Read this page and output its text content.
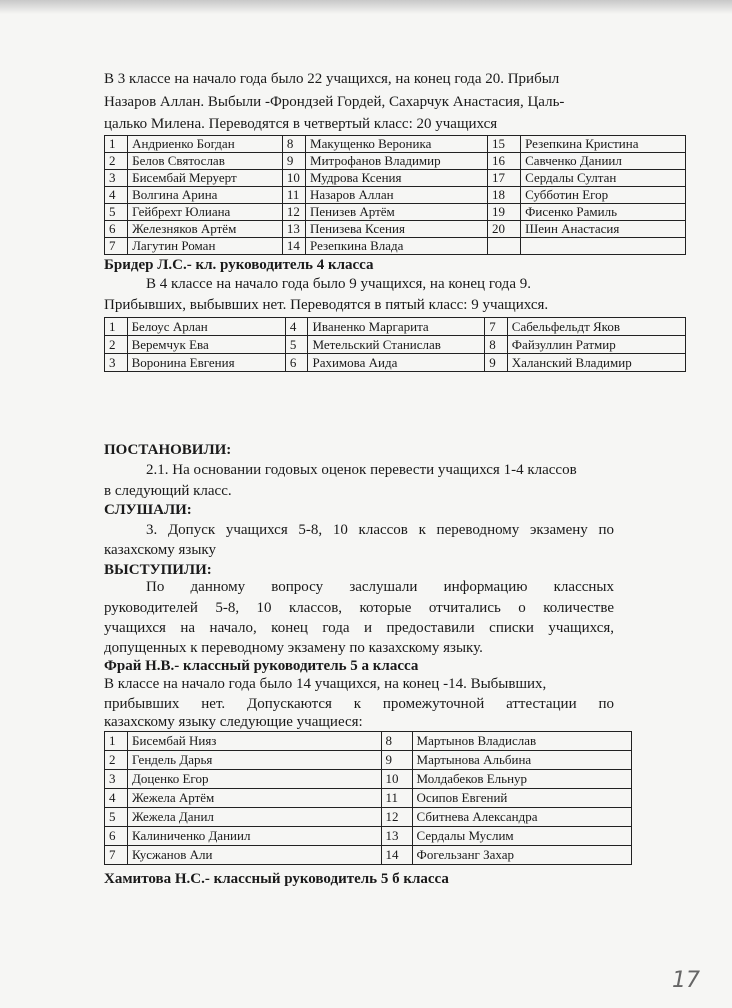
В 3 классе на начало года было 22 учащихся, на конец года 20. Прибыл
Назаров Аллан. Выбыли -Фрондзей Гордей, Сахарчук Анастасия, Цаль-
цалько Милена. Переводятся в четвертый класс: 20 учащихся
1	Андриенко Богдан	8	Макущенко Вероника	15	Резепкина Кристина
2	Белов Святослав	9	Митрофанов Владимир	16	Савченко Даниил
3	Бисембай Меруерт	10	Мудрова Ксения	17	Сердалы Султан
4	Волгина Арина	11	Назаров Аллан	18	Субботин Егор
5	Гейбрехт Юлиана	12	Пенизев Артём	19	Фисенко Рамиль
6	Железняков Артём	13	Пенизева Ксения	20	Шеин Анастасия
7	Лагутин Роман	14	Резепкина Влада		
Бридер Л.С.- кл. руководитель 4 класса
В 4 классе на начало года было 9 учащихся, на конец года 9.
Прибывших, выбывших нет. Переводятся в пятый класс: 9 учащихся.
1	Белоус Арлан	4	Иваненко Маргарита	7	Сабельфельдт Яков
2	Веремчук Ева	5	Метельский Станислав	8	Файзуллин Ратмир
3	Воронина Евгения	6	Рахимова Аида	9	Халанский Владимир
ПОСТАНОВИЛИ:
2.1. На основании годовых оценок перевести учащихся 1-4 классов
в следующий класс.
СЛУШАЛИ:
3. Допуск учащихся 5-8, 10 классов к переводному экзамену по
казахскому языку
ВЫСТУПИЛИ:
По данному вопросу заслушали информацию классных
руководителей 5-8, 10 классов, которые отчитались о количестве
учащихся на начало, конец года и предоставили списки учащихся,
допущенных к переводному экзамену по казахскому языку.
Фрай Н.В.- классный руководитель 5 а класса
В классе на начало года было 14 учащихся, на конец -14. Выбывших,
прибывших нет. Допускаются к промежуточной аттестации по
казахскому языку следующие учащиеся:
1	Бисембай Нияз	8	Мартынов Владислав
2	Гендель Дарья	9	Мартынова Альбина
3	Доценко Егор	10	Молдабеков Ельнур
4	Жежела Артём	11	Осипов Евгений
5	Жежела Данил	12	Сбитнева Александра
6	Калиниченко Даниил	13	Сердалы Муслим
7	Кусжанов Али	14	Фогельзанг Захар
Хамитова Н.С.- классный руководитель 5 б класса
17
